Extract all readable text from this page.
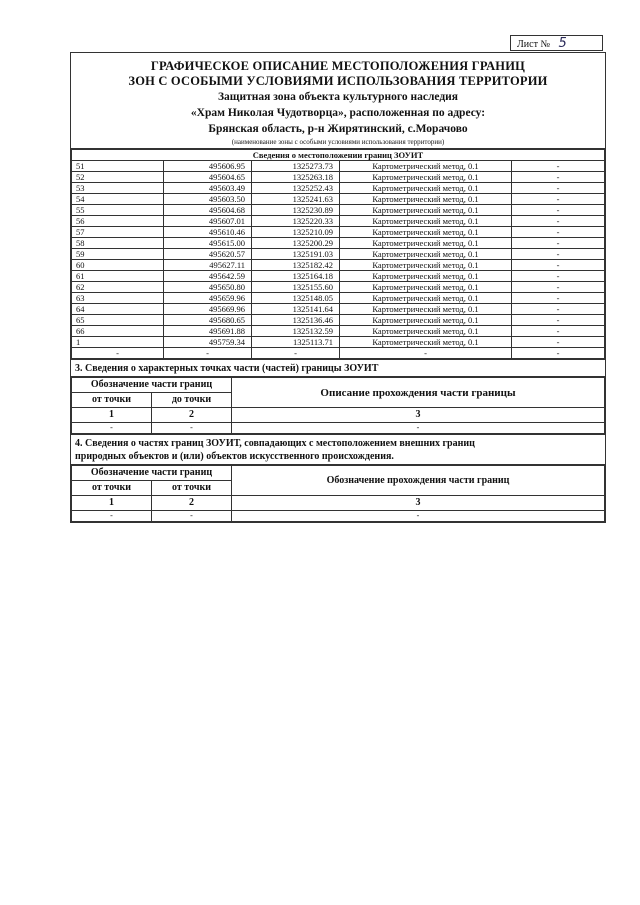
Лист № 5
ГРАФИЧЕСКОЕ ОПИСАНИЕ МЕСТОПОЛОЖЕНИЯ ГРАНИЦ
ЗОН С ОСОБЫМИ УСЛОВИЯМИ ИСПОЛЬЗОВАНИЯ ТЕРРИТОРИИ
Защитная зона объекта культурного наследия
«Храм Николая Чудотворца», расположенная по адресу:
Брянская область, р-н Жирятинский, с.Морачово
(наименование зоны с особыми условиями использования территории)
Сведения о местоположении границ ЗОУИТ				
51	495606.95	1325273.73	Картометрический метод, 0.1	-
52	495604.65	1325263.18	Картометрический метод, 0.1	-
53	495603.49	1325252.43	Картометрический метод, 0.1	-
54	495603.50	1325241.63	Картометрический метод, 0.1	-
55	495604.68	1325230.89	Картометрический метод, 0.1	-
56	495607.01	1325220.33	Картометрический метод, 0.1	-
57	495610.46	1325210.09	Картометрический метод, 0.1	-
58	495615.00	1325200.29	Картометрический метод, 0.1	-
59	495620.57	1325191.03	Картометрический метод, 0.1	-
60	495627.11	1325182.42	Картометрический метод, 0.1	-
61	495642.59	1325164.18	Картометрический метод, 0.1	-
62	495650.80	1325155.60	Картометрический метод, 0.1	-
63	495659.96	1325148.05	Картометрический метод, 0.1	-
64	495669.96	1325141.64	Картометрический метод, 0.1	-
65	495680.65	1325136.46	Картометрический метод, 0.1	-
66	495691.88	1325132.59	Картометрический метод, 0.1	-
1	495759.34	1325113.71	Картометрический метод, 0.1	-
-	-	-	-	-
3. Сведения о характерных точках части (частей) границы ЗОУИТ
Обозначение части границ		Описание прохождения части границы
от точки	до точки	
1	2	3
-	-	-
4. Сведения о частях границ ЗОУИТ, совпадающих с местоположением внешних границ
природных объектов и (или) объектов искусственного происхождения.
Обозначение части границ		Обозначение прохождения части границ
от точки	от точки	
1	2	3
-	-	-
